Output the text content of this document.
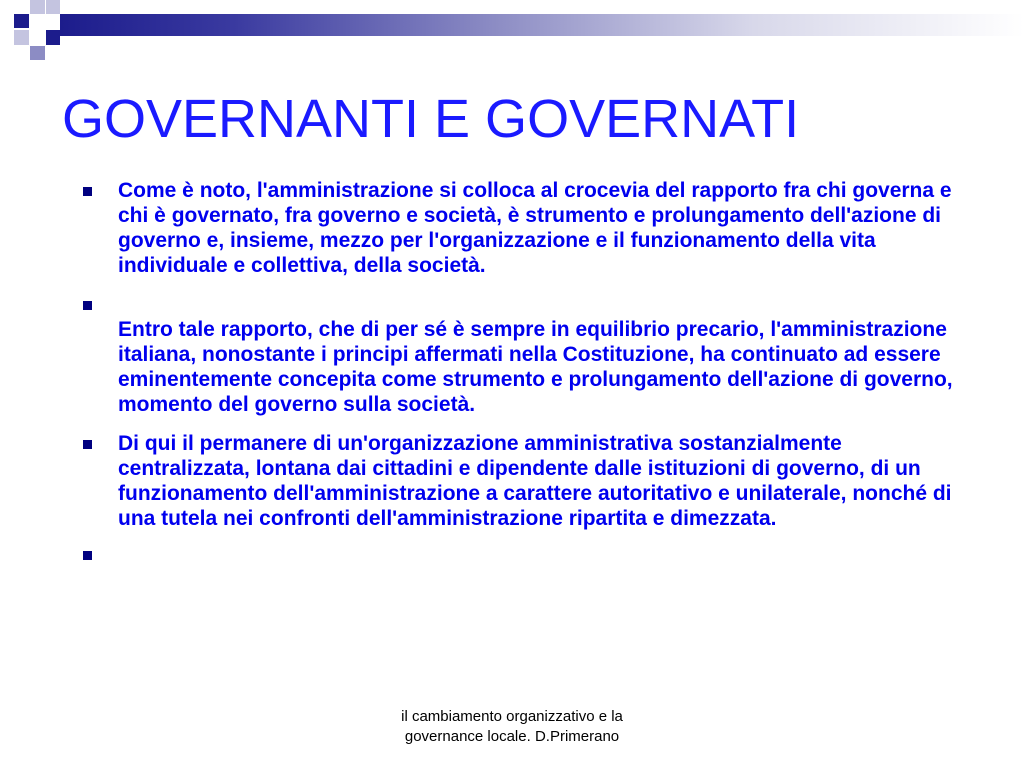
GOVERNANTI E GOVERNATI
Come è noto, l'amministrazione si colloca al crocevia del rapporto fra chi governa e chi è governato, fra governo e società, è strumento e prolungamento dell'azione di governo e, insieme, mezzo per l'organizzazione e il funzionamento della vita individuale e collettiva, della società.
Entro tale rapporto, che di per sé è sempre in equilibrio precario, l'amministrazione italiana, nonostante i principi affermati nella Costituzione, ha continuato ad essere eminentemente concepita come strumento e prolungamento dell'azione di governo, momento del governo sulla società.
Di qui il permanere di un'organizzazione amministrativa sostanzialmente centralizzata, lontana dai cittadini e dipendente dalle istituzioni di governo, di un funzionamento dell'amministrazione a carattere autoritativo e unilaterale, nonché di una tutela nei confronti dell'amministrazione ripartita e dimezzata.
il cambiamento organizzativo e la
governance locale. D.Primerano
